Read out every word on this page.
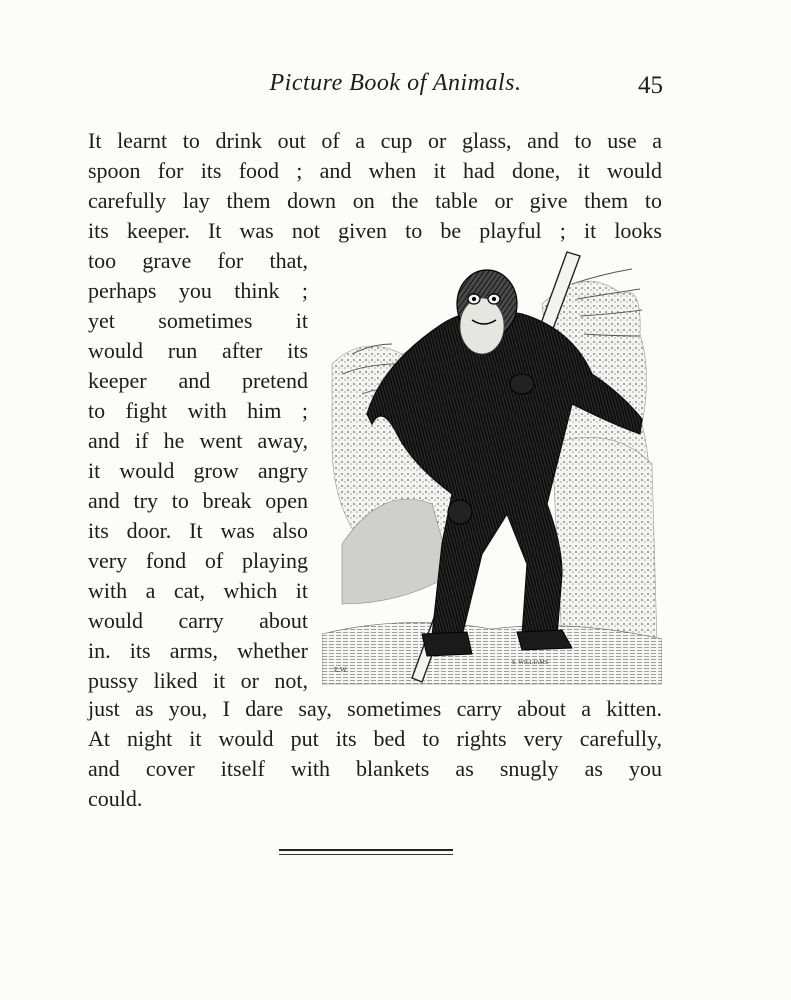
Picture Book of Animals.	45
It learnt to drink out of a cup or glass, and to use a
spoon for its food ; and when it had done, it would
carefully lay them down on the table or give them to
its keeper. It was not given to be playful ; it looks
too grave for that,
perhaps you think ;
yet sometimes it
would run after its
keeper and pretend
to fight with him ;
and if he went away,
it would grow angry
and try to break open
its door. It was also
very fond of playing
with a cat, which it
would carry about
in. its arms, whether
pussy liked it or not,
just as you, I dare say, sometimes carry about a kitten.
At night it would put its bed to rights very carefully,
and cover itself with blankets as snugly as you
could.
E.W.
S. WILLIAMS
